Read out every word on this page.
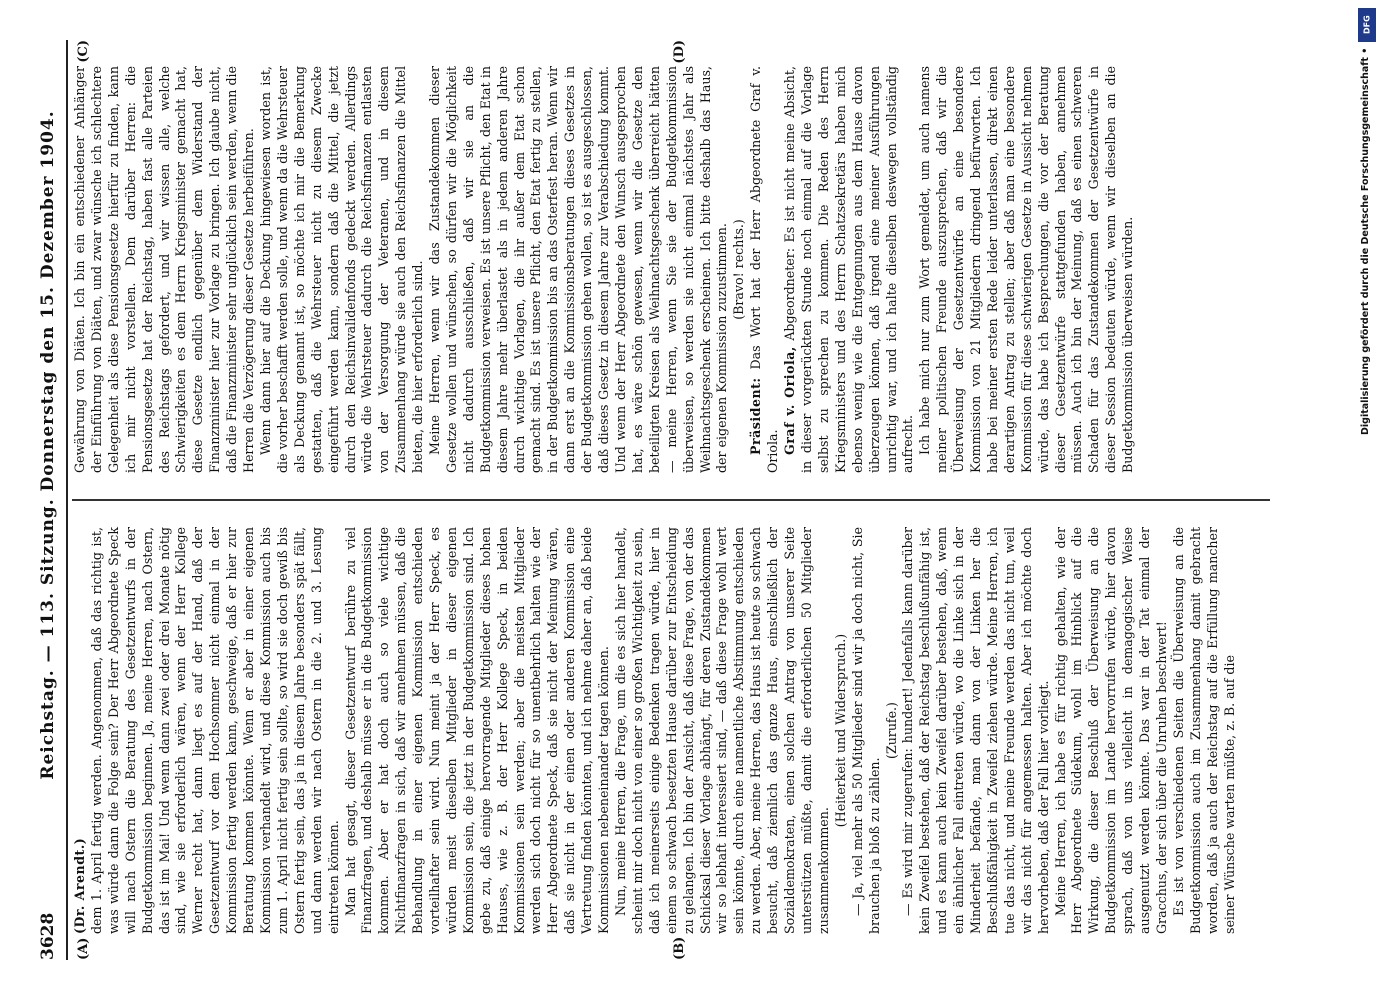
3628
Reichstag. — 113. Sitzung. Donnerstag den 15. Dezember 1904.
(A)	(B)

(Dr. Arendt.) dem 1. April fertig werden. Angenommen, daß das richtig ist, was würde dann die Folge sein? Der Herr Abgeordnete Speck will nach Ostern die Beratung des Gesetzentwurfs in der Budgetkommission beginnen. Ja, meine Herren, nach Ostern, das ist im Mai! Und wenn dann zwei oder drei Monate nötig sind, wie sie erforderlich wären, wenn der Herr Kollege Werner recht hat, dann liegt es auf der Hand, daß der Gesetzentwurf vor dem Hochsommer nicht einmal in der Kommission fertig werden kann, geschweige, daß er hier zur Beratung kommen könnte. Wenn er aber in einer eigenen Kommission verhandelt wird, und diese Kommission auch bis zum 1. April nicht fertig sein sollte, so wird sie doch gewiß bis Ostern fertig sein, das ja in diesem Jahre besonders spät fällt, und dann werden wir nach Ostern in die 2. und 3. Lesung eintreten können. Man hat gesagt, dieser Gesetzentwurf berühre zu viel Finanzfragen, und deshalb müsse er in die Budgetkommission kommen. Aber er hat doch auch so viele wichtige Nichtfinanzfragen in sich, daß wir annehmen müssen, daß die Behandlung in einer eigenen Kommission entschieden vorteilhafter sein wird. Nun meint ja der Herr Speck, es würden meist dieselben Mitglieder in dieser eigenen Kommission sein, die jetzt in der Budgetkommission sind. Ich gebe zu, daß einige hervorragende Mitglieder dieses hohen Hauses, wie z. B. der Herr Kollege Speck, in beiden Kommissionen sein werden; aber die meisten Mitglieder werden sich doch nicht für so unentbehrlich halten wie der Herr Abgeordnete Speck, daß sie nicht der Meinung wären, daß sie nicht in der einen oder anderen Kommission eine Vertretung finden könnten, und ich nehme daher an, daß beide Kommissionen nebeneinander tagen können. Nun, meine Herren, die Frage, um die es sich hier handelt, scheint mir doch nicht von einer so großen Wichtigkeit zu sein, daß ich meinerseits einige Bedenken tragen würde, hier in einem so schwach besetzten Hause darüber zur Entscheidung zu gelangen. Ich bin der Ansicht, daß diese Frage, von der das Schicksal dieser Vorlage abhängt, für deren Zustandekommen wir so lebhaft interessiert sind, — daß diese Frage wohl wert sein könnte, durch eine namentliche Abstimmung entschieden zu werden. Aber, meine Herren, das Haus ist heute so schwach besucht, daß ziemlich das ganze Haus, einschließlich der Sozialdemokraten, einen solchen Antrag von unserer Seite unterstützen müßte, damit die erforderlichen 50 Mitglieder zusammenkommen.

(Heiterkeit und Widerspruch.) — Ja, viel mehr als 50 Mitglieder sind wir ja doch nicht, Sie brauchen ja bloß zu zählen.

(Zurufe.) — Es wird mir zugerufen: hundert! Jedenfalls kann darüber kein Zweifel bestehen, daß der Reichstag beschlußunfähig ist, und es kann auch kein Zweifel darüber bestehen, daß, wenn ein ähnlicher Fall eintreten würde, wo die Linke sich in der Minderheit befände, man dann von der Linken her die Beschlußfähigkeit in Zweifel ziehen würde. Meine Herren, ich tue das nicht, und meine Freunde werden das nicht tun, weil wir das nicht für angemessen halten. Aber ich möchte doch hervorheben, daß der Fall hier vorliegt. Meine Herren, ich habe es für richtig gehalten, wie der Herr Abgeordnete Südekum, wohl im Hinblick auf die Wirkung, die dieser Beschluß der Überweisung an die Budgetkommission im Lande hervorrufen würde, hier davon sprach, daß von uns vielleicht in demagogischer Weise ausgenutzt werden könnte. Das war in der Tat einmal der Gracchus, der sich über die Unruhen beschwert! Es ist von verschiedenen Seiten die Überweisung an die Budgetkommission auch im Zusammenhang damit gebracht worden, daß ja auch der Reichstag auf die Erfüllung mancher seiner Wünsche warten müßte, z. B. auf die

(C)	(D)

Gewährung von Diäten. Ich bin ein entschiedener Anhänger der Einführung von Diäten, und zwar wünsche ich schlechtere Gelegenheit als diese Pensionsgesetze hierfür zu finden, kann ich mir nicht vorstellen. Dem darüber Herren: die Pensionsgesetze hat der Reichstag, haben fast alle Parteien des Reichstags gefordert, und wir wissen alle, welche Schwierigkeiten es dem Herrn Kriegsminister gemacht hat, diese Gesetze endlich gegenüber dem Widerstand der Finanzminister hier zur Vorlage zu bringen. Ich glaube nicht, daß die Finanzminister sehr unglücklich sein werden, wenn die Herren die Verzögerung dieser Gesetze herbeiführen. Wenn dann hier auf die Deckung hingewiesen worden ist, die vorher beschafft werden solle, und wenn da die Wehrsteuer als Deckung genannt ist, so möchte ich mir die Bemerkung gestatten, daß die Wehrsteuer nicht zu diesem Zwecke eingeführt werden kann, sondern daß die Mittel, die jetzt durch den Reichsinvalidenfonds gedeckt werden. Allerdings würde die Wehrsteuer dadurch die Reichsfinanzen entlasten von der Versorgung der Veteranen, und in diesem Zusammenhang würde sie auch den Reichsfinanzen die Mittel bieten, die hier erforderlich sind. Meine Herren, wenn wir das Zustandekommen dieser Gesetze wollen und wünschen, so dürfen wir die Möglichkeit nicht dadurch ausschließen, daß wir sie an die Budgetkommission verweisen. Es ist unsere Pflicht, den Etat in diesem Jahre mehr überlastet als in jedem anderen Jahre durch wichtige Vorlagen, die ihr außer dem Etat schon gemacht sind. Es ist unsere Pflicht, den Etat fertig zu stellen, in der Budgetkommission bis an das Osterfest heran. Wenn wir dann erst an die Kommissionsberatungen dieses Gesetzes in der Budgetkommission gehen wollen, so ist es ausgeschlossen, daß dieses Gesetz in diesem Jahre zur Verabschiedung kommt. Und wenn der Herr Abgeordnete den Wunsch ausgesprochen hat, es wäre schön gewesen, wenn wir die Gesetze den beteiligten Kreisen als Weihnachtsgeschenk überreicht hätten — meine Herren, wenn Sie sie der Budgetkommission überweisen, so werden sie nicht einmal nächstes Jahr als Weihnachtsgeschenk erscheinen. Ich bitte deshalb das Haus, der eigenen Kommission zuzustimmen. (Bravo! rechts.)

Präsident: Das Wort hat der Herr Abgeordnete Graf v. Oriola. Graf v. Oriola, Abgeordneter: Es ist nicht meine Absicht, in dieser vorgerückten Stunde noch einmal auf die Vorlage selbst zu sprechen zu kommen. Die Reden des Herrn Kriegsministers und des Herrn Schatzsekretärs haben mich ebenso wenig wie die Entgegnungen aus dem Hause davon überzeugen können, daß irgend eine meiner Ausführungen unrichtig war, und ich halte dieselben deswegen vollständig aufrecht. Ich habe mich nur zum Wort gemeldet, um auch namens meiner politischen Freunde auszusprechen, daß wir die Überweisung der Gesetzentwürfe an eine besondere Kommission von 21 Mitgliedern dringend befürworten. Ich habe bei meiner ersten Rede leider unterlassen, direkt einen derartigen Antrag zu stellen; aber daß man eine besondere Kommission für diese schwierigen Gesetze in Aussicht nehmen würde, das habe ich Besprechungen, die vor der Beratung dieser Gesetzentwürfe stattgefunden haben, annehmen müssen. Auch ich bin der Meinung, daß es einen schweren Schaden für das Zustandekommen der Gesetzentwürfe in dieser Session bedeuten würde, wenn wir dieselben an die Budgetkommission überweisen würden.

DFG
Digitalisierung gefördert durch die Deutsche Forschungsgemeinschaft •
